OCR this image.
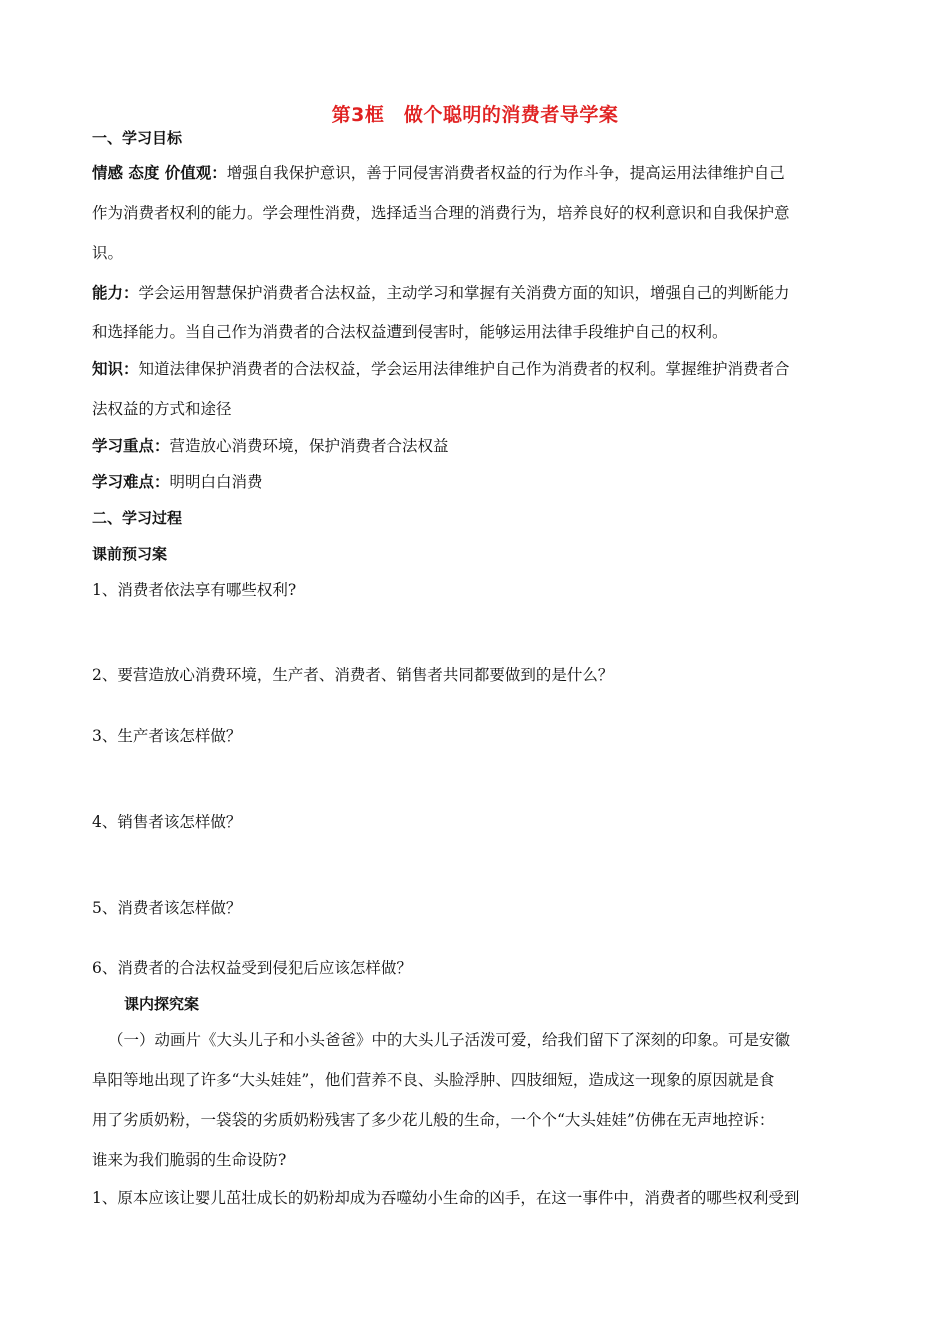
第3框　做个聪明的消费者导学案
一、学习目标
情感 态度 价值观：增强自我保护意识，善于同侵害消费者权益的行为作斗争，提高运用法律维护自己
作为消费者权利的能力。学会理性消费，选择适当合理的消费行为，培养良好的权利意识和自我保护意
识。
能力：学会运用智慧保护消费者合法权益，主动学习和掌握有关消费方面的知识，增强自己的判断能力
和选择能力。当自己作为消费者的合法权益遭到侵害时，能够运用法律手段维护自己的权利。
知识：知道法律保护消费者的合法权益，学会运用法律维护自己作为消费者的权利。掌握维护消费者合
法权益的方式和途径
学习重点：营造放心消费环境，保护消费者合法权益
学习难点：明明白白消费
二、学习过程
课前预习案
1、消费者依法享有哪些权利?
2、要营造放心消费环境，生产者、消费者、销售者共同都要做到的是什么？
3、生产者该怎样做？
4、销售者该怎样做？
5、消费者该怎样做？
6、消费者的合法权益受到侵犯后应该怎样做？
课内探究案
（一）动画片《大头儿子和小头爸爸》中的大头儿子活泼可爱，给我们留下了深刻的印象。可是安徽
阜阳等地出现了许多“大头娃娃”，他们营养不良、头脸浮肿、四肢细短，造成这一现象的原因就是食
用了劣质奶粉，一袋袋的劣质奶粉残害了多少花儿般的生命，一个个“大头娃娃”仿佛在无声地控诉：
谁来为我们脆弱的生命设防?
1、原本应该让婴儿茁壮成长的奶粉却成为吞噬幼小生命的凶手，在这一事件中，消费者的哪些权利受到
